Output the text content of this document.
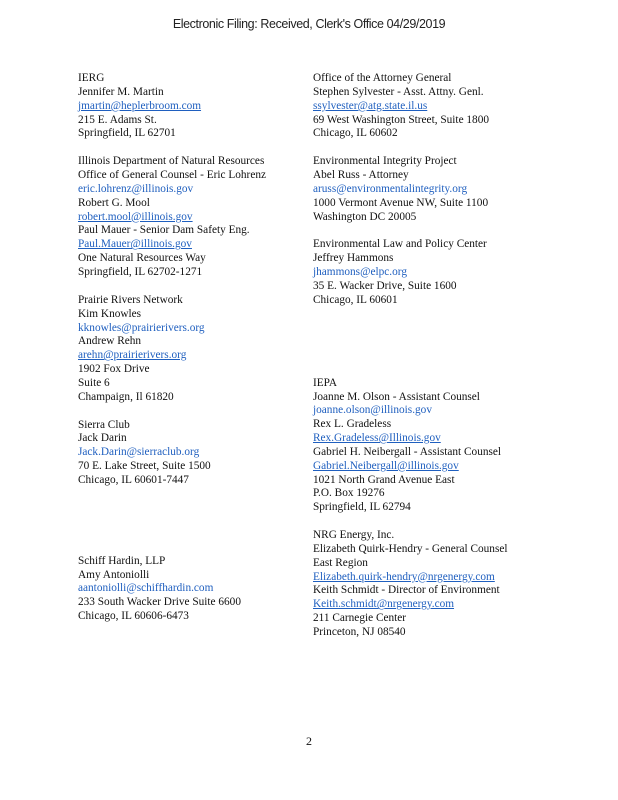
Electronic Filing: Received, Clerk's Office 04/29/2019
IERG
Jennifer M. Martin
jmartin@heplerbroom.com
215 E. Adams St.
Springfield, IL 62701
Illinois Department of Natural Resources
Office of General Counsel - Eric Lohrenz
eric.lohrenz@illinois.gov
Robert G. Mool
robert.mool@illinois.gov
Paul Mauer - Senior Dam Safety Eng.
Paul.Mauer@illinois.gov
One Natural Resources Way
Springfield, IL 62702-1271
Prairie Rivers Network
Kim Knowles
kknowles@prairierivers.org
Andrew Rehn
arehn@prairierivers.org
1902 Fox Drive
Suite 6
Champaign, Il 61820
Sierra Club
Jack Darin
Jack.Darin@sierraclub.org
70 E. Lake Street, Suite 1500
Chicago, IL 60601-7447
Schiff Hardin, LLP
Amy Antoniolli
aantoniolli@schiffhardin.com
233 South Wacker Drive Suite 6600
Chicago, IL 60606-6473
Office of the Attorney General
Stephen Sylvester - Asst. Attny. Genl.
ssylvester@atg.state.il.us
69 West Washington Street, Suite 1800
Chicago, IL 60602
Environmental Integrity Project
Abel Russ - Attorney
aruss@environmentalintegrity.org
1000 Vermont Avenue NW, Suite 1100
Washington DC 20005
Environmental Law and Policy Center
Jeffrey Hammons
jhammons@elpc.org
35 E. Wacker Drive, Suite 1600
Chicago, IL 60601
IEPA
Joanne M. Olson - Assistant Counsel
joanne.olson@illinois.gov
Rex L. Gradeless
Rex.Gradeless@Illinois.gov
Gabriel H. Neibergall - Assistant Counsel
Gabriel.Neibergall@illinois.gov
1021 North Grand Avenue East
P.O. Box 19276
Springfield, IL 62794
NRG Energy, Inc.
Elizabeth Quirk-Hendry - General Counsel
East Region
Elizabeth.quirk-hendry@nrgenergy.com
Keith Schmidt - Director of Environment
Keith.schmidt@nrgenergy.com
211 Carnegie Center
Princeton, NJ 08540
2
